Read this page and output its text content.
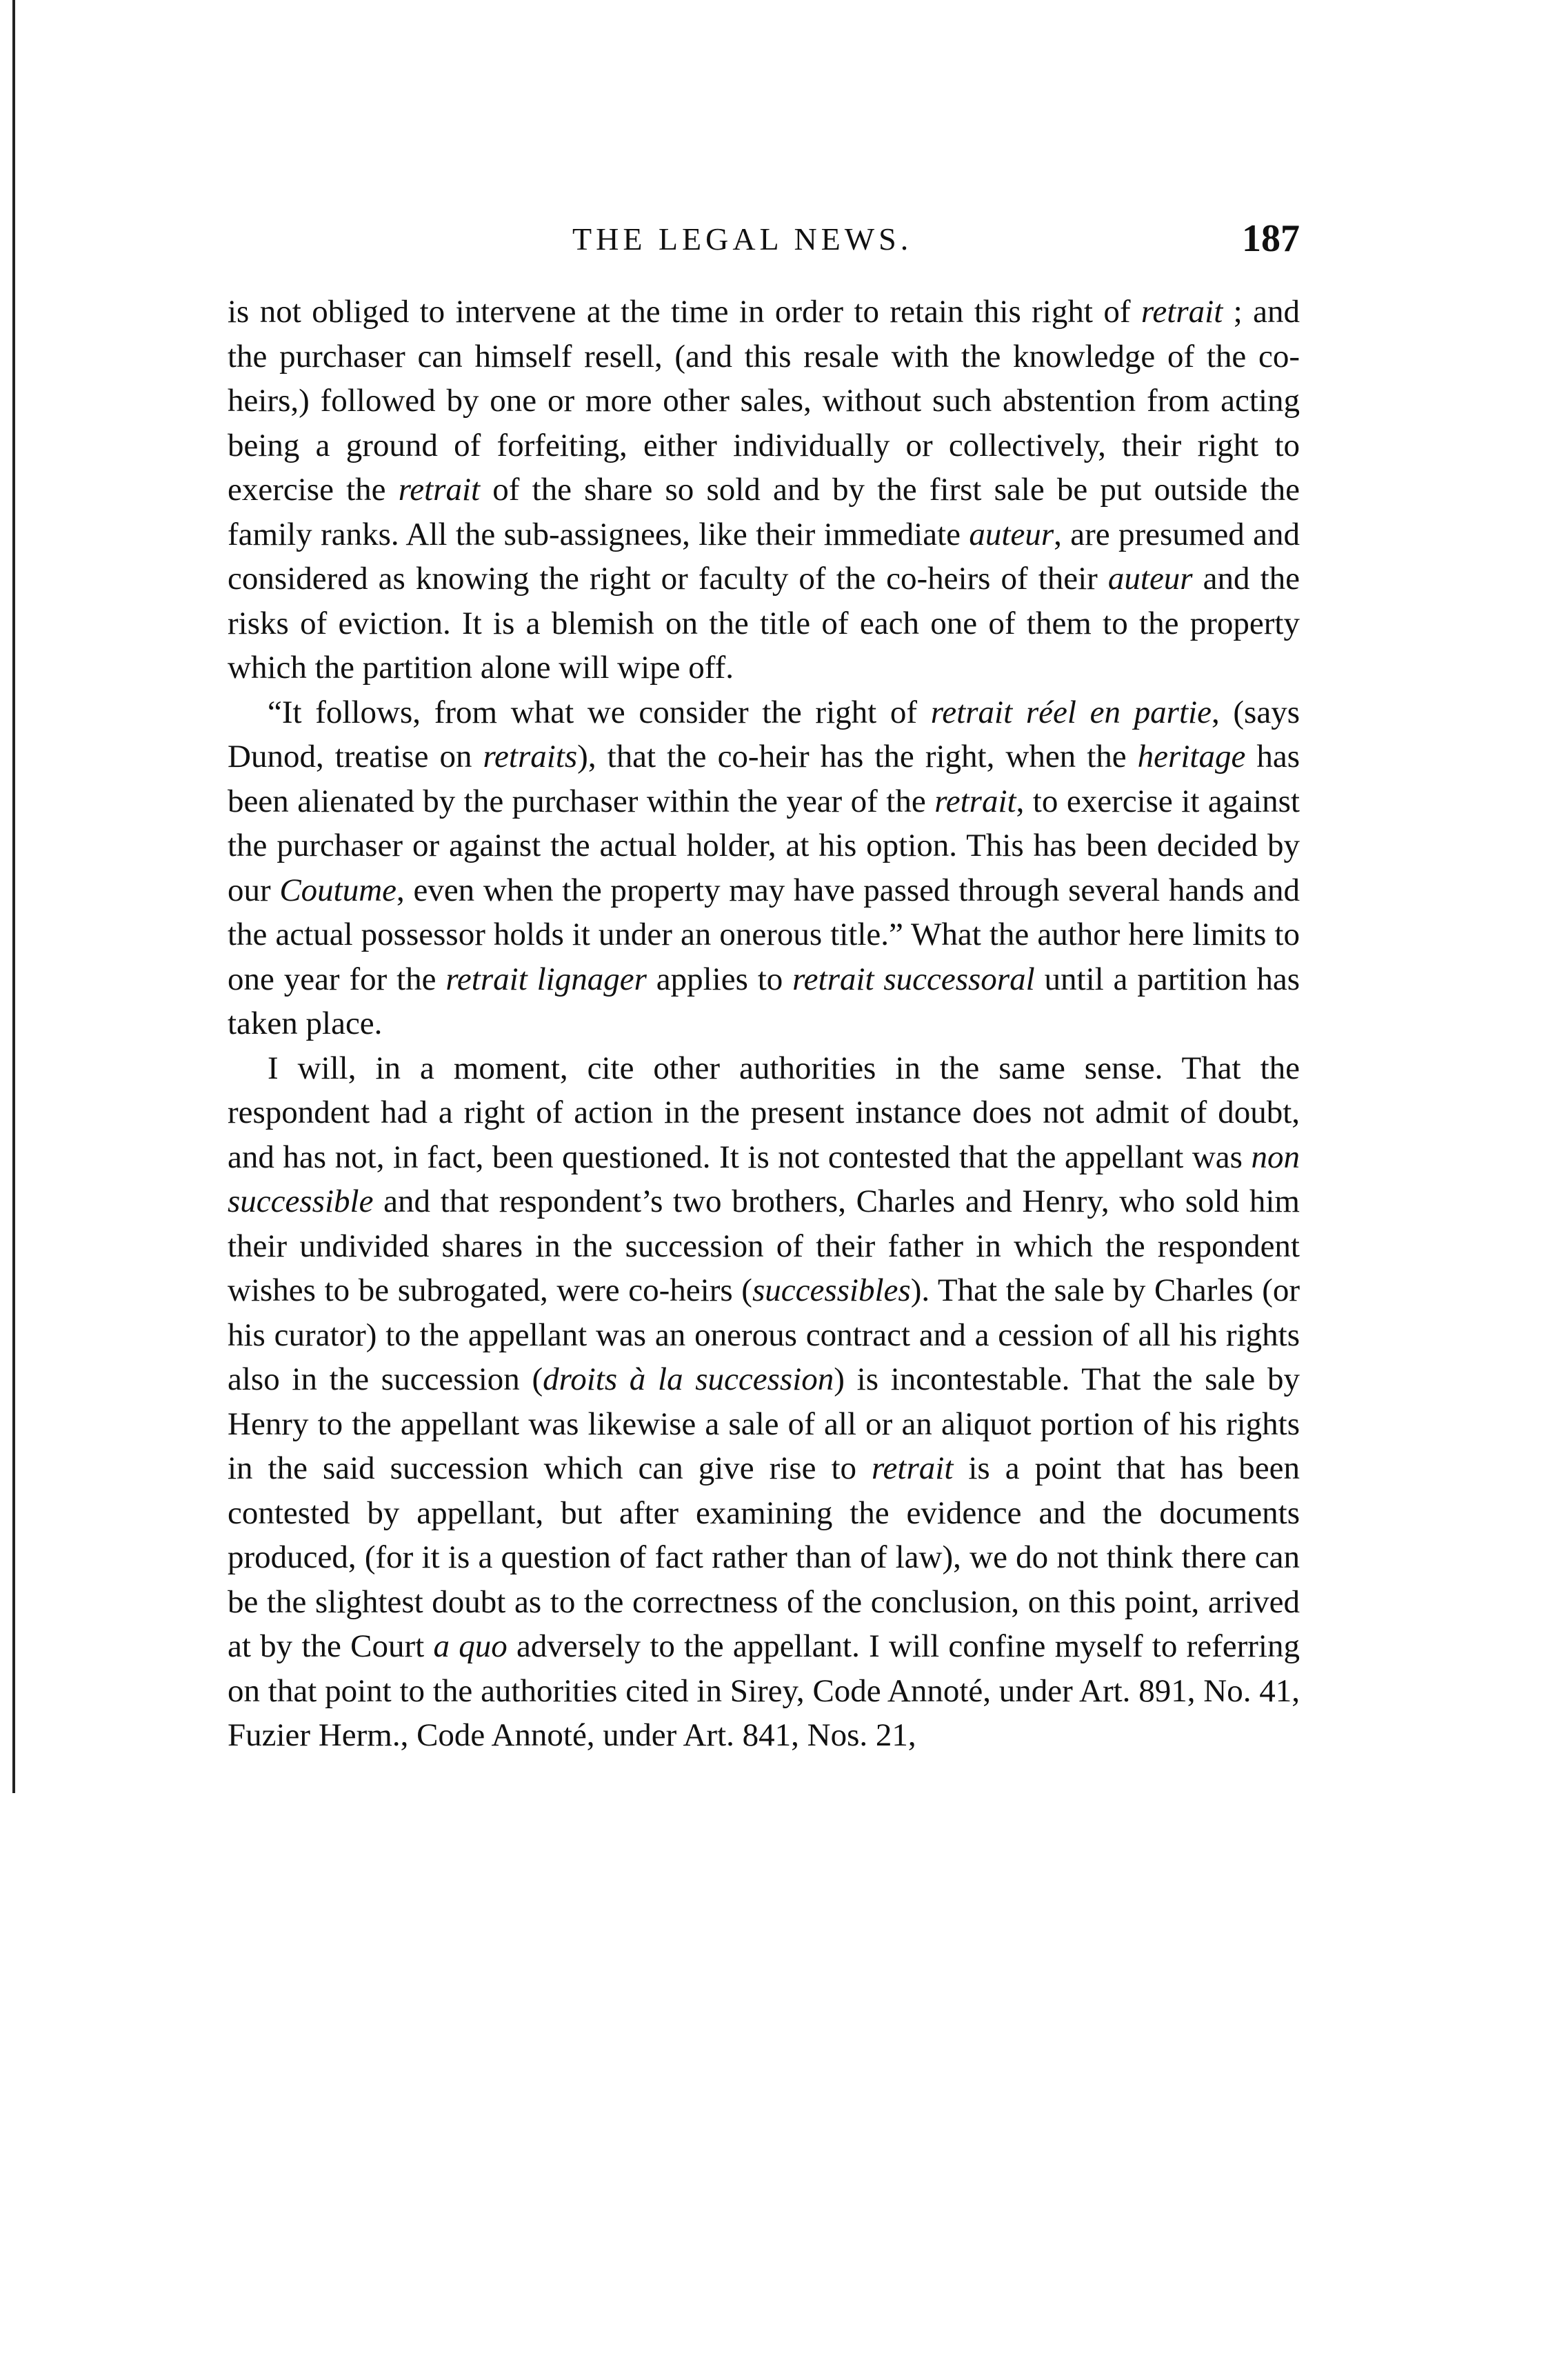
THE LEGAL NEWS.	187

is not obliged to intervene at the time in order to retain this right of retrait ; and the purchaser can himself resell, (and this resale with the knowledge of the co-heirs,) followed by one or more other sales, without such abstention from acting being a ground of forfeiting, either individually or collectively, their right to exercise the retrait of the share so sold and by the first sale be put outside the family ranks. All the sub-assignees, like their immediate auteur, are presumed and considered as knowing the right or faculty of the co-heirs of their auteur and the risks of eviction. It is a blemish on the title of each one of them to the property which the partition alone will wipe off.

“It follows, from what we consider the right of retrait réel en partie, (says Dunod, treatise on retraits), that the co-heir has the right, when the heritage has been alienated by the purchaser within the year of the retrait, to exercise it against the purchaser or against the actual holder, at his option. This has been decided by our Coutume, even when the property may have passed through several hands and the actual possessor holds it under an onerous title.” What the author here limits to one year for the retrait lignager applies to retrait successoral until a partition has taken place.

I will, in a moment, cite other authorities in the same sense. That the respondent had a right of action in the present instance does not admit of doubt, and has not, in fact, been questioned. It is not contested that the appellant was non successible and that respondent’s two brothers, Charles and Henry, who sold him their undivided shares in the succession of their father in which the respondent wishes to be subrogated, were co-heirs (successibles). That the sale by Charles (or his curator) to the appellant was an onerous contract and a cession of all his rights also in the succession (droits à la succession) is incontestable. That the sale by Henry to the appellant was likewise a sale of all or an aliquot portion of his rights in the said succession which can give rise to retrait is a point that has been contested by appellant, but after examining the evidence and the documents produced, (for it is a question of fact rather than of law), we do not think there can be the slightest doubt as to the correctness of the conclusion, on this point, arrived at by the Court a quo adversely to the appellant. I will confine myself to referring on that point to the authorities cited in Sirey, Code Annoté, under Art. 891, No. 41, Fuzier Herm., Code Annoté, under Art. 841, Nos. 21,
